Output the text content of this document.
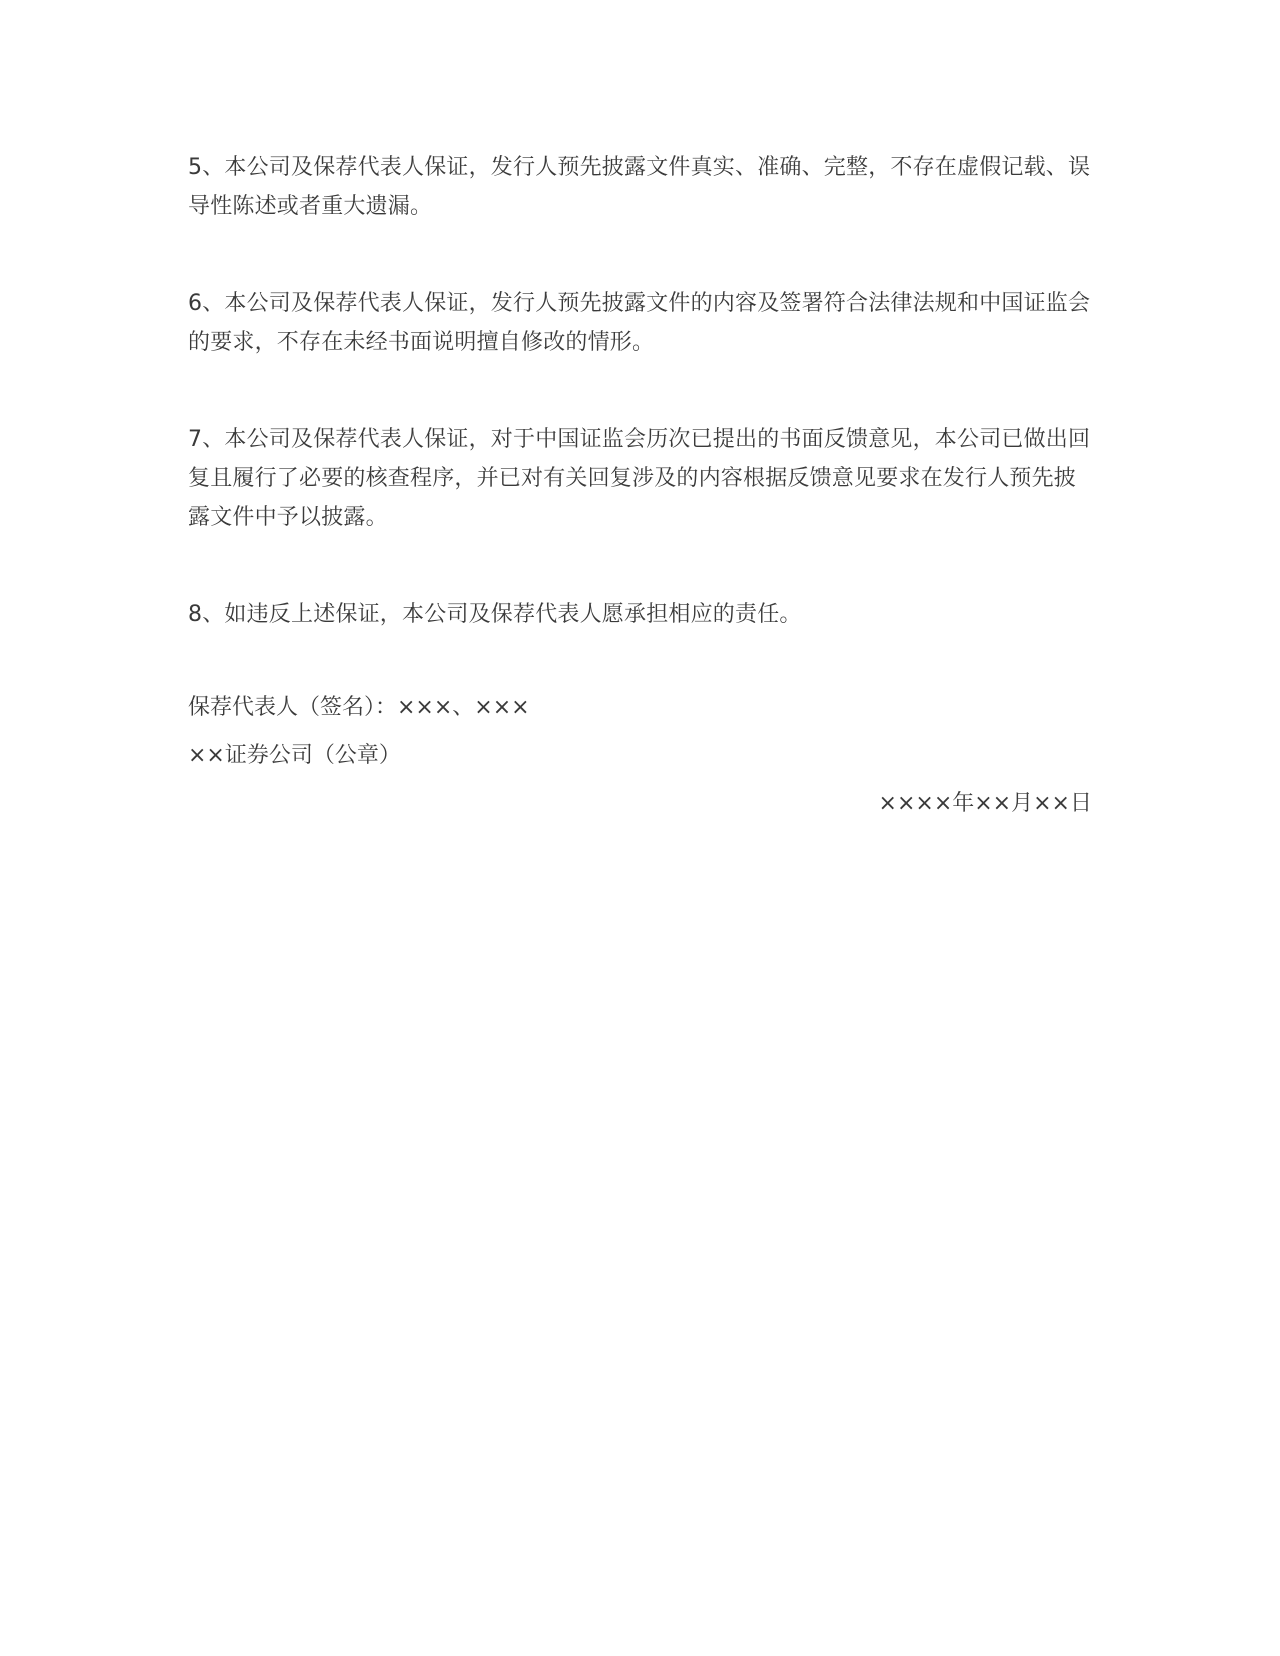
5、本公司及保荐代表人保证，发行人预先披露文件真实、准确、完整，不存在虚假记载、误导性陈述或者重大遗漏。

6、本公司及保荐代表人保证，发行人预先披露文件的内容及签署符合法律法规和中国证监会的要求，不存在未经书面说明擅自修改的情形。

7、本公司及保荐代表人保证，对于中国证监会历次已提出的书面反馈意见，本公司已做出回复且履行了必要的核查程序，并已对有关回复涉及的内容根据反馈意见要求在发行人预先披露文件中予以披露。

8、如违反上述保证，本公司及保荐代表人愿承担相应的责任。

保荐代表人（签名）：×××、×××

××证券公司（公章）

××××年××月××日
